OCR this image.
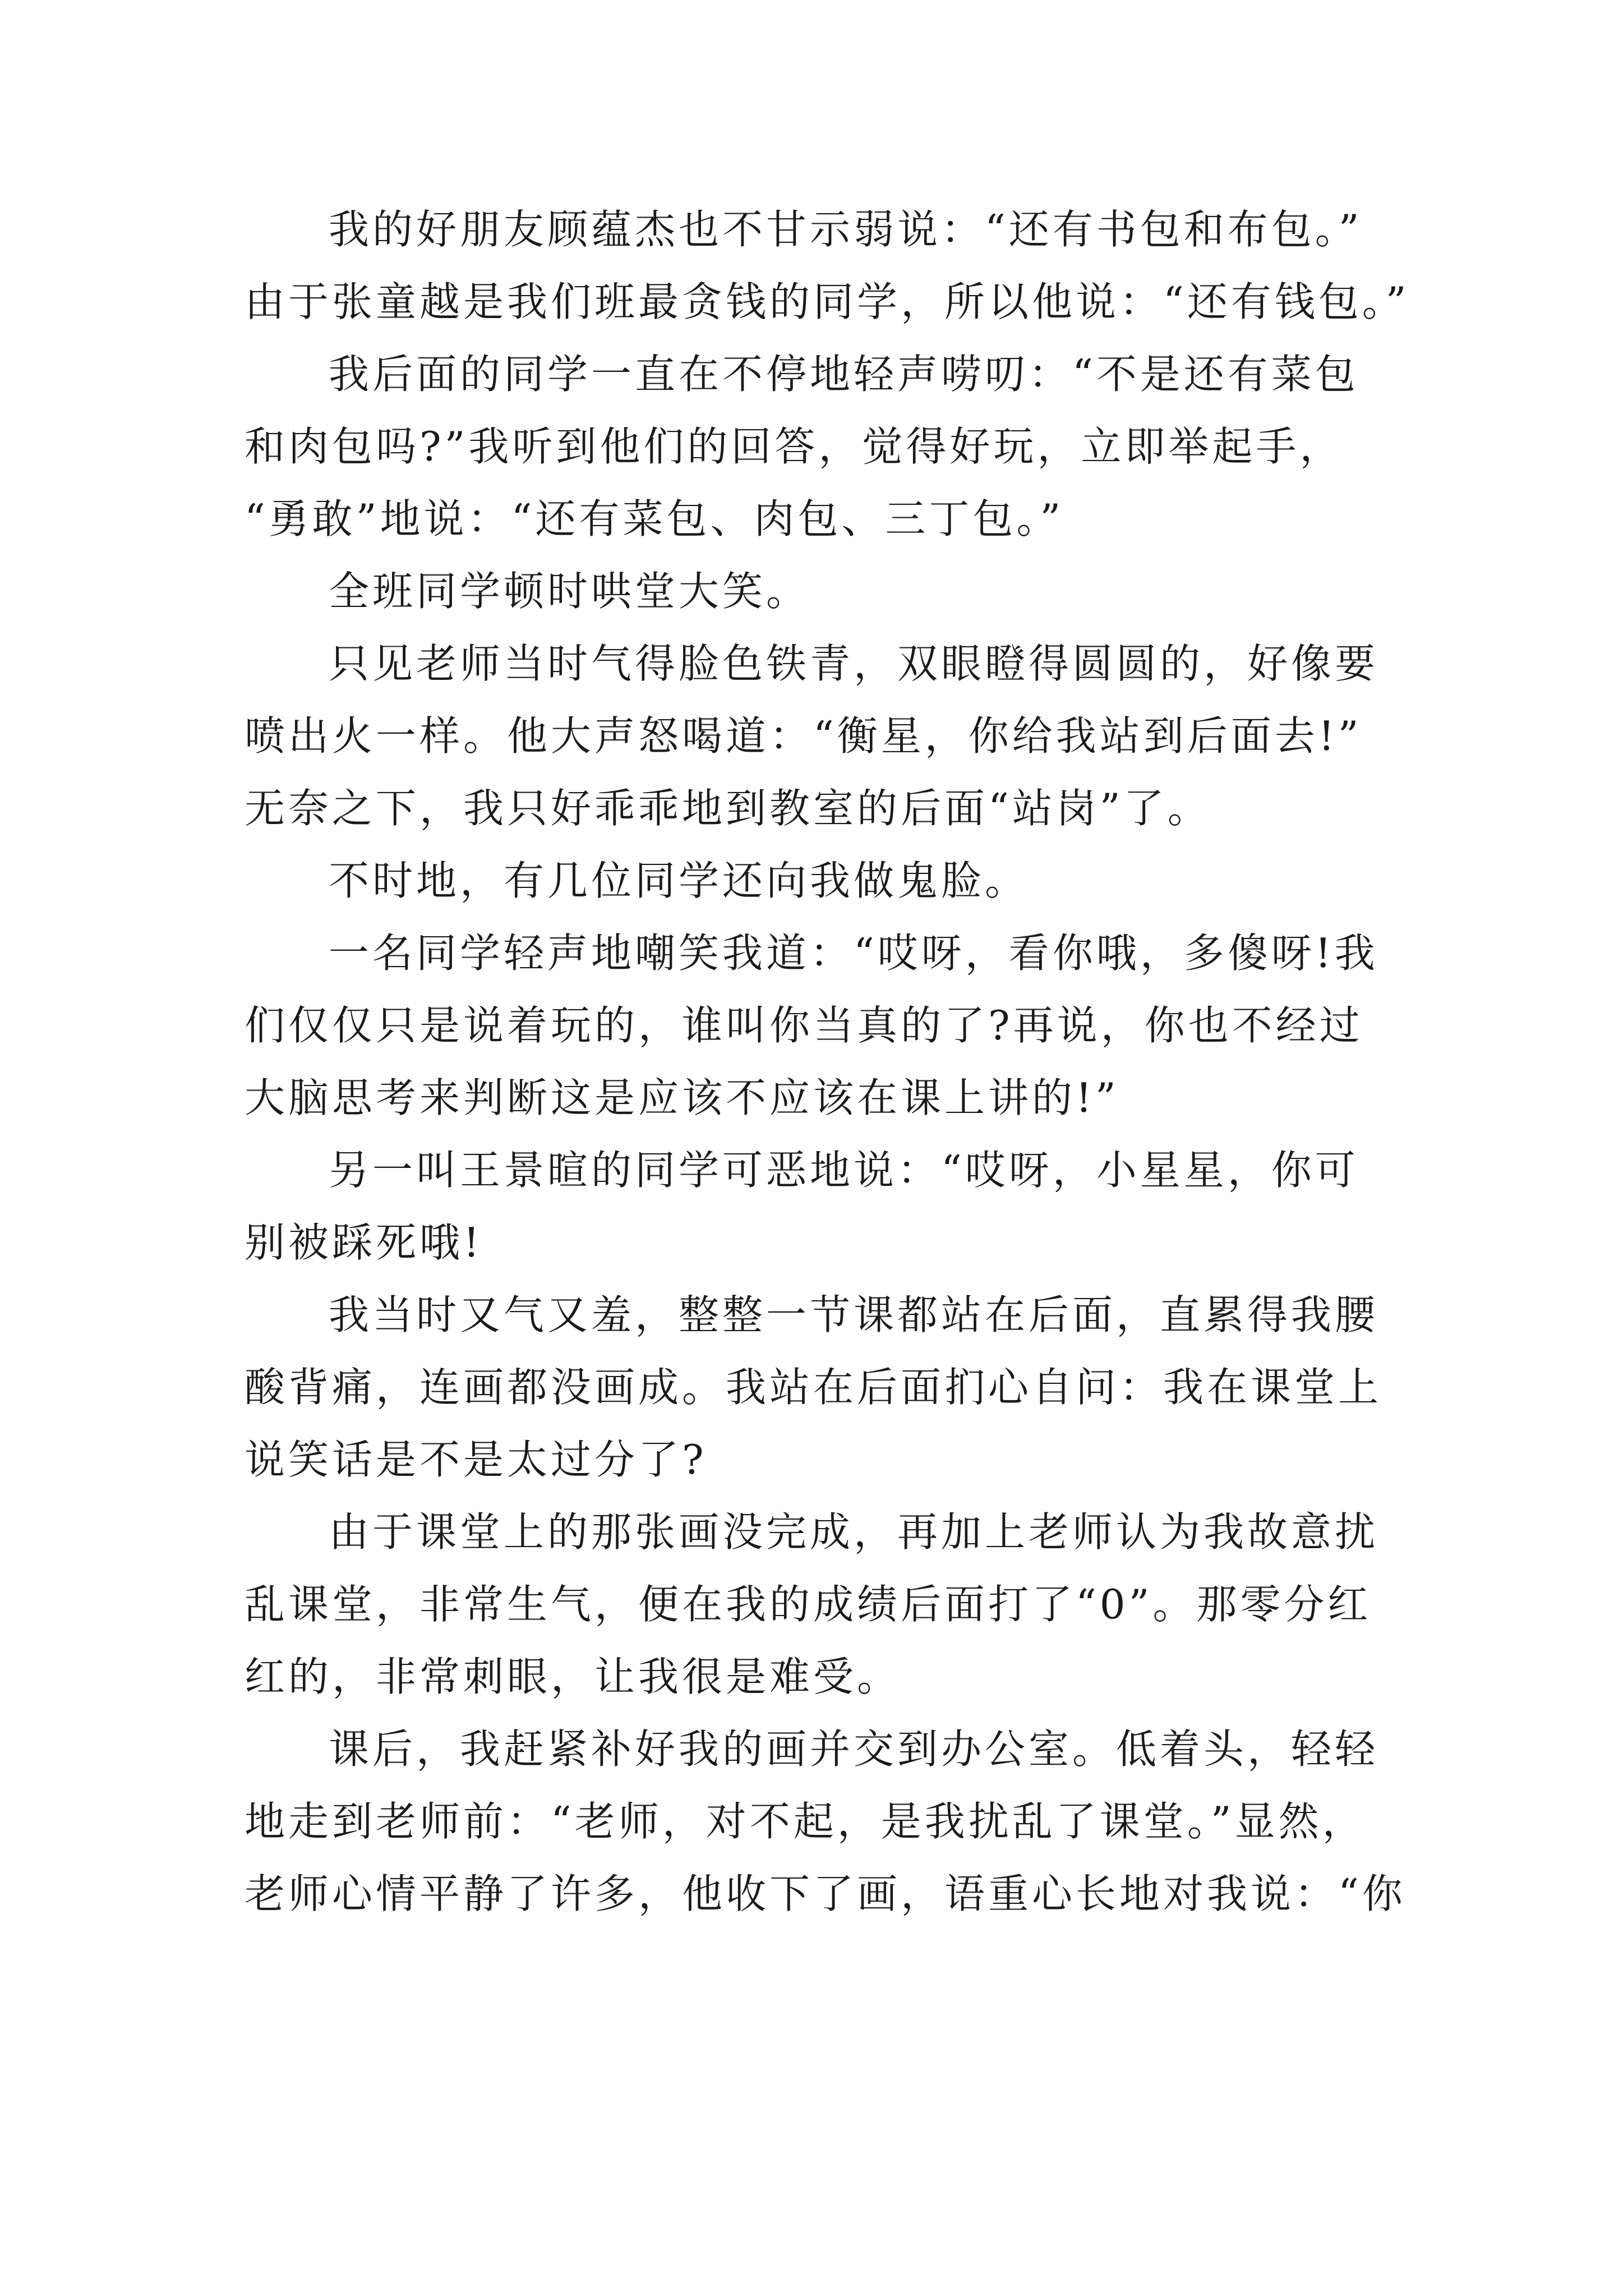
我的好朋友顾蕴杰也不甘示弱说：“还有书包和布包。”
由于张童越是我们班最贪钱的同学，所以他说：“还有钱包。”
我后面的同学一直在不停地轻声唠叨：“不是还有菜包
和肉包吗?”我听到他们的回答，觉得好玩，立即举起手，
“勇敢”地说：“还有菜包、肉包、三丁包。”
全班同学顿时哄堂大笑。
只见老师当时气得脸色铁青，双眼瞪得圆圆的，好像要
喷出火一样。他大声怒喝道：“衡星，你给我站到后面去!”
无奈之下，我只好乖乖地到教室的后面“站岗”了。
不时地，有几位同学还向我做鬼脸。
一名同学轻声地嘲笑我道：“哎呀，看你哦，多傻呀!我
们仅仅只是说着玩的，谁叫你当真的了?再说，你也不经过
大脑思考来判断这是应该不应该在课上讲的!”
另一叫王景暄的同学可恶地说：“哎呀，小星星，你可
别被踩死哦!
我当时又气又羞，整整一节课都站在后面，直累得我腰
酸背痛，连画都没画成。我站在后面扪心自问：我在课堂上
说笑话是不是太过分了?
由于课堂上的那张画没完成，再加上老师认为我故意扰
乱课堂，非常生气，便在我的成绩后面打了“0”。那零分红
红的，非常刺眼，让我很是难受。
课后，我赶紧补好我的画并交到办公室。低着头，轻轻
地走到老师前：“老师，对不起，是我扰乱了课堂。”显然，
老师心情平静了许多，他收下了画，语重心长地对我说：“你
